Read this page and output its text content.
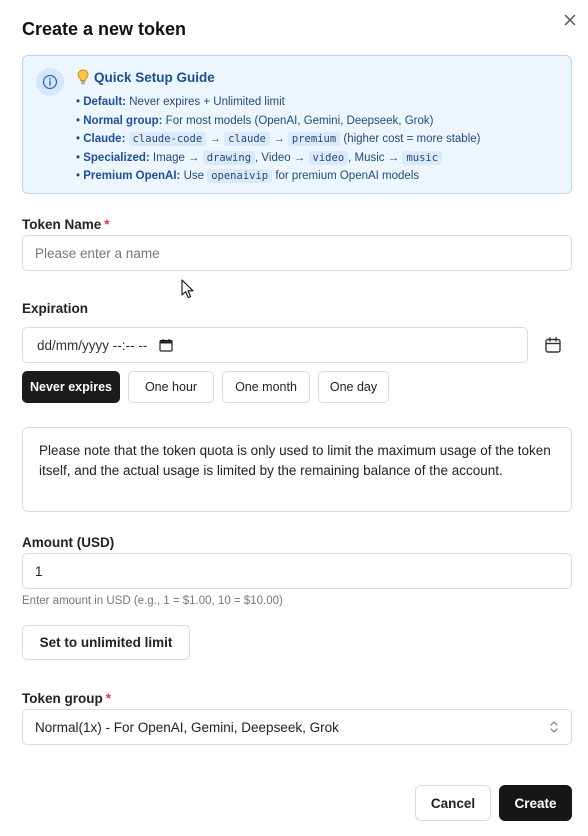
Create a new token
Quick Setup Guide
• Default: Never expires + Unlimited limit
• Normal group: For most models (OpenAI, Gemini, Deepseek, Grok)
• Claude: claude-code → claude → premium (higher cost = more stable)
• Specialized: Image → drawing , Video → video , Music → music
• Premium OpenAI: Use openaivip for premium OpenAI models
Token Name *
Please enter a name
Expiration
dd/mm/yyyy --:-- --
Never expires	One hour	One month	One day
Please note that the token quota is only used to limit the maximum usage of the token itself, and the actual usage is limited by the remaining balance of the account.
Amount (USD)
1
Enter amount in USD (e.g., 1 = $1.00, 10 = $10.00)
Set to unlimited limit
Token group *
Normal(1x) - For OpenAI, Gemini, Deepseek, Grok
Cancel	Create
